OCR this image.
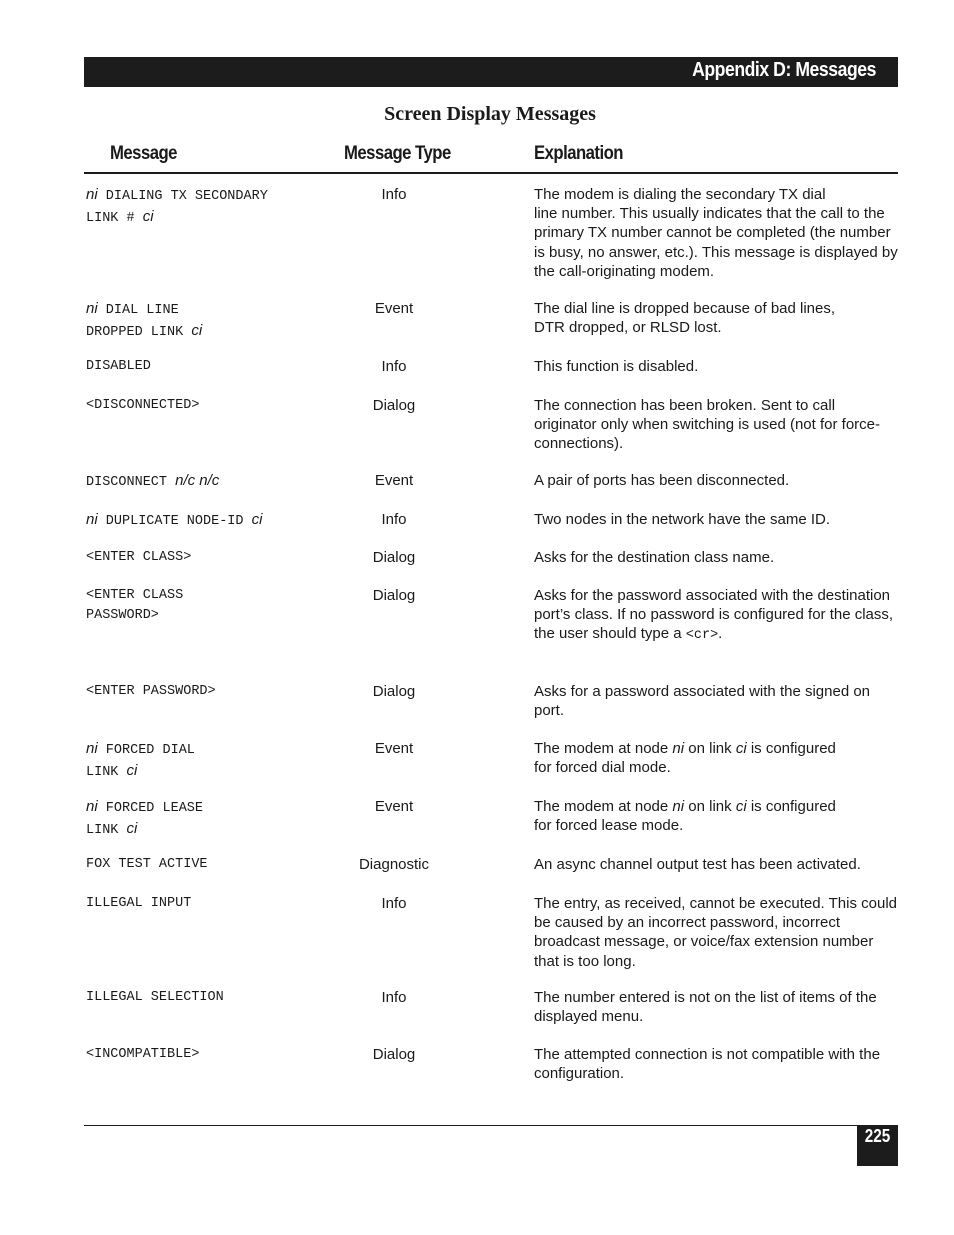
Appendix D: Messages
Screen Display Messages
Message	Message Type	Explanation
ni DIALING TX SECONDARY
LINK # ci
Info	The modem is dialing the secondary TX dial
line number. This usually indicates that the call to the primary TX number cannot be completed (the number is busy, no answer, etc.). This message is displayed by the call-originating modem.
ni DIAL LINE
DROPPED LINK ci
Event	The dial line is dropped because of bad lines,
DTR dropped, or RLSD lost.
DISABLED	Info	This function is disabled.
<DISCONNECTED>	Dialog	The connection has been broken. Sent to call originator only when switching is used (not for force-connections).
DISCONNECT n/c n/c	Event	A pair of ports has been disconnected.
ni DUPLICATE NODE-ID ci	Info	Two nodes in the network have the same ID.
<ENTER CLASS>	Dialog	Asks for the destination class name.
<ENTER CLASS
PASSWORD>
Dialog	Asks for the password associated with the destination port’s class. If no password is configured for the class, the user should type a <cr>.
<ENTER PASSWORD>	Dialog	Asks for a password associated with the signed on port.
ni FORCED DIAL
LINK ci
Event	The modem at node ni on link ci is configured
for forced dial mode.
ni FORCED LEASE
LINK ci
Event	The modem at node ni on link ci is configured
for forced lease mode.
FOX TEST ACTIVE	Diagnostic	An async channel output test has been activated.
ILLEGAL INPUT	Info	The entry, as received, cannot be executed. This could be caused by an incorrect password, incorrect broadcast message, or voice/fax extension number that is too long.
ILLEGAL SELECTION	Info	The number entered is not on the list of items of the displayed menu.
<INCOMPATIBLE>	Dialog	The attempted connection is not compatible with the configuration.
225
